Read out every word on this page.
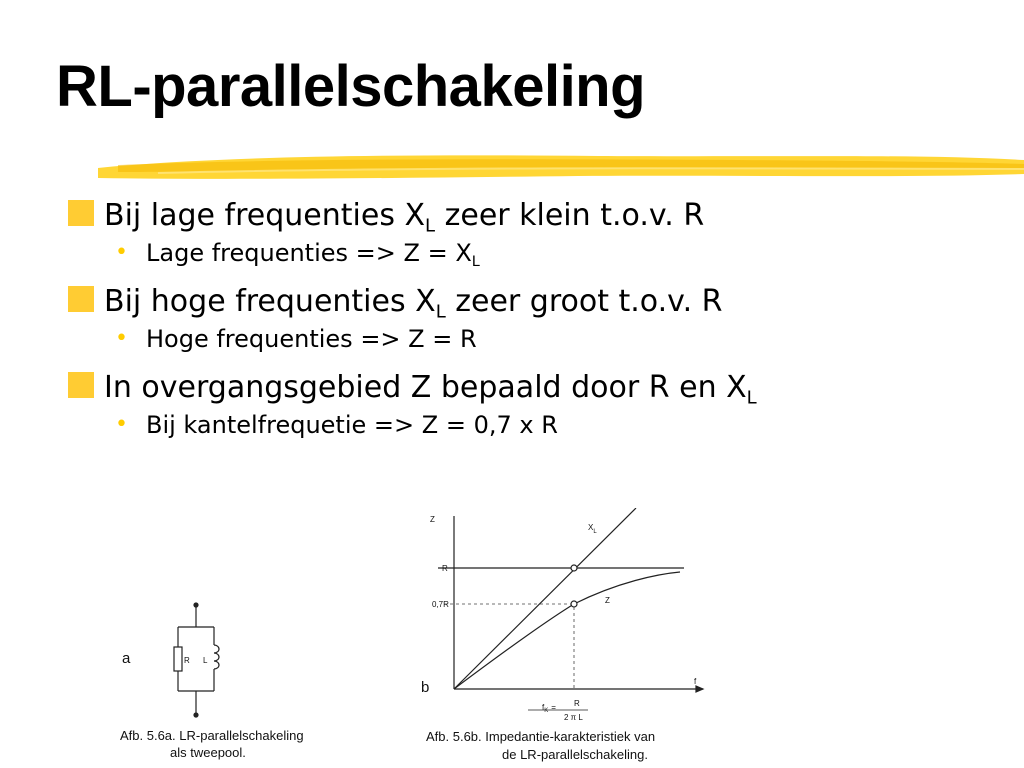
RL-parallelschakeling
Bij lage frequenties $X_L$ zeer klein t.o.v. R
• Lage frequenties => $Z = X_L$
Bij hoge frequenties $X_L$ zeer groot t.o.v. R
• Hoge frequenties => Z = R
In overgangsgebied Z bepaald door R en $X_L$
• Bij kantelfrequetie => Z = 0,7 x R
a	R L
Afb. 5.6a. LR-parallelschakeling
als tweepool.
Z
f
R
0,7R
$X_L$
Z
b
$f_K = R$
2 π L
Afb. 5.6b. Impedantie-karakteristiek van
de LR-parallelschakeling.
